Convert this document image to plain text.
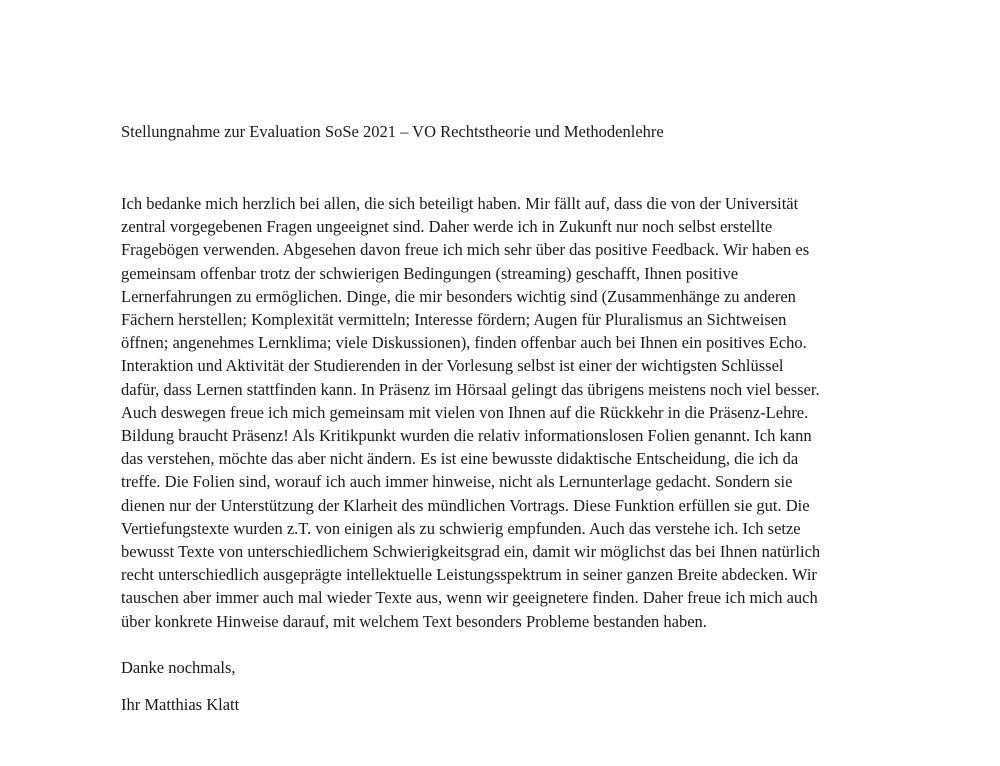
Stellungnahme zur Evaluation SoSe 2021 – VO Rechtstheorie und Methodenlehre

Ich bedanke mich herzlich bei allen, die sich beteiligt haben. Mir fällt auf, dass die von der Universität
zentral vorgegebenen Fragen ungeeignet sind. Daher werde ich in Zukunft nur noch selbst erstellte
Fragebögen verwenden. Abgesehen davon freue ich mich sehr über das positive Feedback. Wir haben es
gemeinsam offenbar trotz der schwierigen Bedingungen (streaming) geschafft, Ihnen positive
Lernerfahrungen zu ermöglichen. Dinge, die mir besonders wichtig sind (Zusammenhänge zu anderen
Fächern herstellen; Komplexität vermitteln; Interesse fördern; Augen für Pluralismus an Sichtweisen
öffnen; angenehmes Lernklima; viele Diskussionen), finden offenbar auch bei Ihnen ein positives Echo.
Interaktion und Aktivität der Studierenden in der Vorlesung selbst ist einer der wichtigsten Schlüssel
dafür, dass Lernen stattfinden kann. In Präsenz im Hörsaal gelingt das übrigens meistens noch viel besser.
Auch deswegen freue ich mich gemeinsam mit vielen von Ihnen auf die Rückkehr in die Präsenz-Lehre.
Bildung braucht Präsenz! Als Kritikpunkt wurden die relativ informationslosen Folien genannt. Ich kann
das verstehen, möchte das aber nicht ändern. Es ist eine bewusste didaktische Entscheidung, die ich da
treffe. Die Folien sind, worauf ich auch immer hinweise, nicht als Lernunterlage gedacht. Sondern sie
dienen nur der Unterstützung der Klarheit des mündlichen Vortrags. Diese Funktion erfüllen sie gut. Die
Vertiefungstexte wurden z.T. von einigen als zu schwierig empfunden. Auch das verstehe ich. Ich setze
bewusst Texte von unterschiedlichem Schwierigkeitsgrad ein, damit wir möglichst das bei Ihnen natürlich
recht unterschiedlich ausgeprägte intellektuelle Leistungsspektrum in seiner ganzen Breite abdecken. Wir
tauschen aber immer auch mal wieder Texte aus, wenn wir geeignetere finden. Daher freue ich mich auch
über konkrete Hinweise darauf, mit welchem Text besonders Probleme bestanden haben.

Danke nochmals,

Ihr Matthias Klatt
